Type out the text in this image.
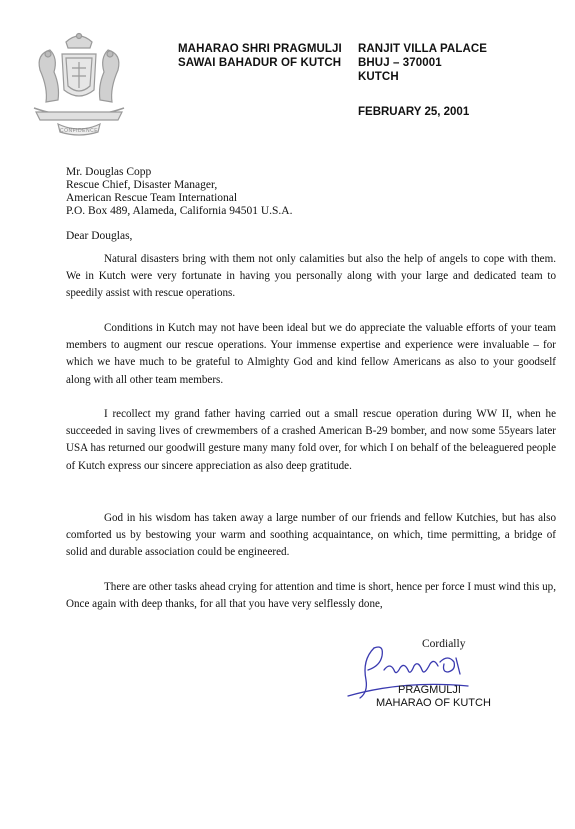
CONFIDENCE
MAHARAO SHRI PRAGMULJI
SAWAI BAHADUR OF KUTCH
RANJIT VILLA PALACE
BHUJ – 370001
KUTCH
FEBRUARY 25, 2001
Mr. Douglas Copp
Rescue Chief, Disaster Manager,
American Rescue Team International
P.O. Box 489, Alameda, California 94501 U.S.A.
Dear Douglas,

Natural disasters bring with them not only calamities but also the help of angels to cope with them. We in Kutch were very fortunate in having you personally along with your large and dedicated team to speedily assist with rescue operations.

Conditions in Kutch may not have been ideal but we do appreciate the valuable efforts of your team members to augment our rescue operations. Your immense expertise and experience were invaluable – for which we have much to be grateful to Almighty God and kind fellow Americans as also to your goodself along with all other team members.

I recollect my grand father having carried out a small rescue operation during WW II, when he succeeded in saving lives of crewmembers of a crashed American B-29 bomber, and now some 55years later USA has returned our goodwill gesture many many fold over, for which I on behalf of the beleaguered people of Kutch express our sincere appreciation as also deep gratitude.

God in his wisdom has taken away a large number of our friends and fellow Kutchies, but has also comforted us by bestowing your warm and soothing acquaintance, on which, time permitting, a bridge of solid and durable association could be engineered.

There are other tasks ahead crying for attention and time is short, hence per force I must wind this up, Once again with deep thanks, for all that you have very selflessly done,

Cordially
PRAGMULJI
MAHARAO OF KUTCH
